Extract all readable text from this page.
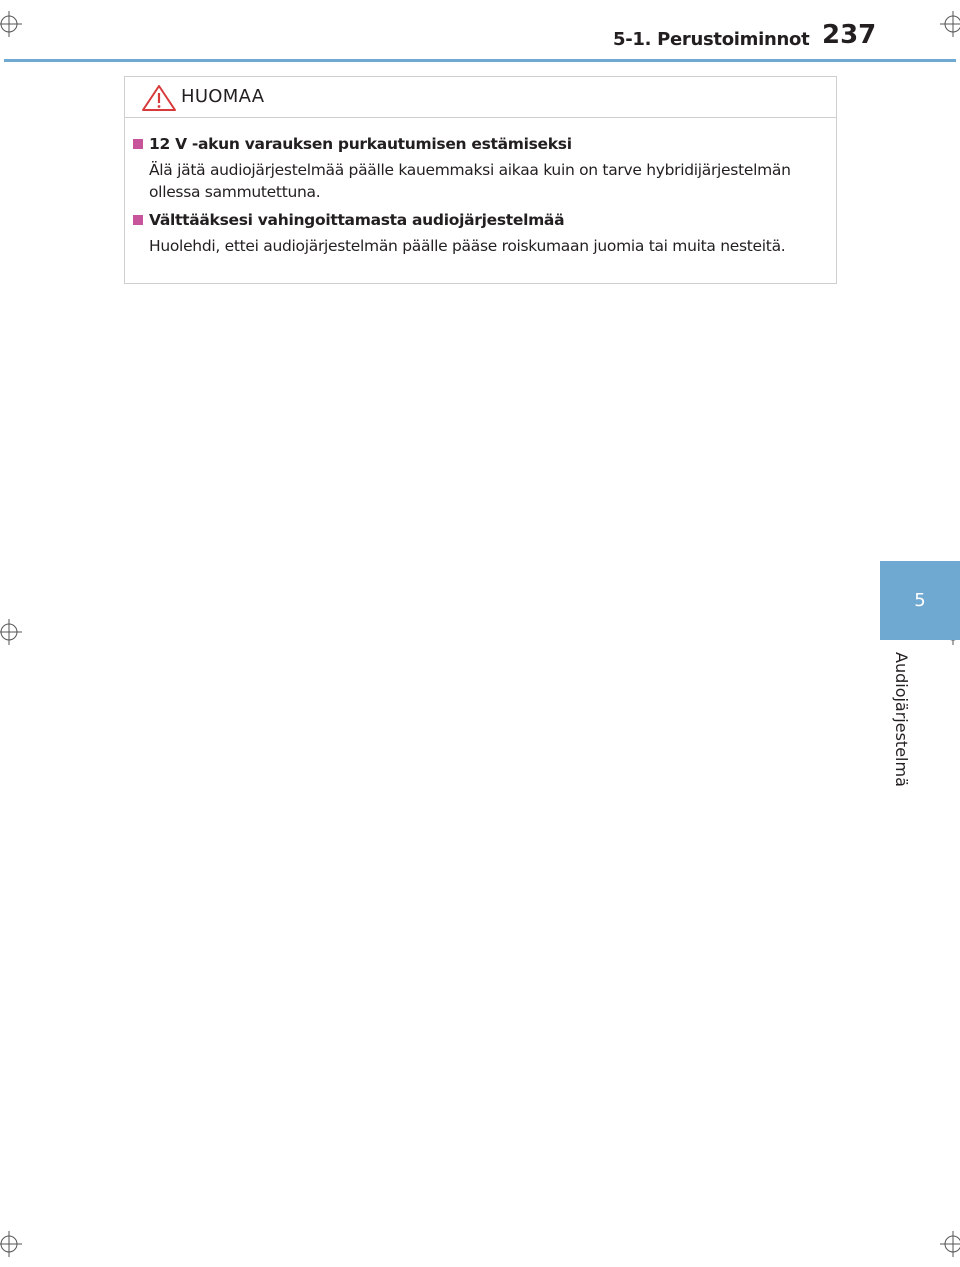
5-1. Perustoiminnot 237
5
Audiojärjestelmä
HUOMAA
12 V -akun varauksen purkautumisen estämiseksi
Älä jätä audiojärjestelmää päälle kauemmaksi aikaa kuin on tarve hybridijärjestelmän ollessa sammutettuna.
Välttääksesi vahingoittamasta audiojärjestelmää
Huolehdi, ettei audiojärjestelmän päälle pääse roiskumaan juomia tai muita nesteitä.
